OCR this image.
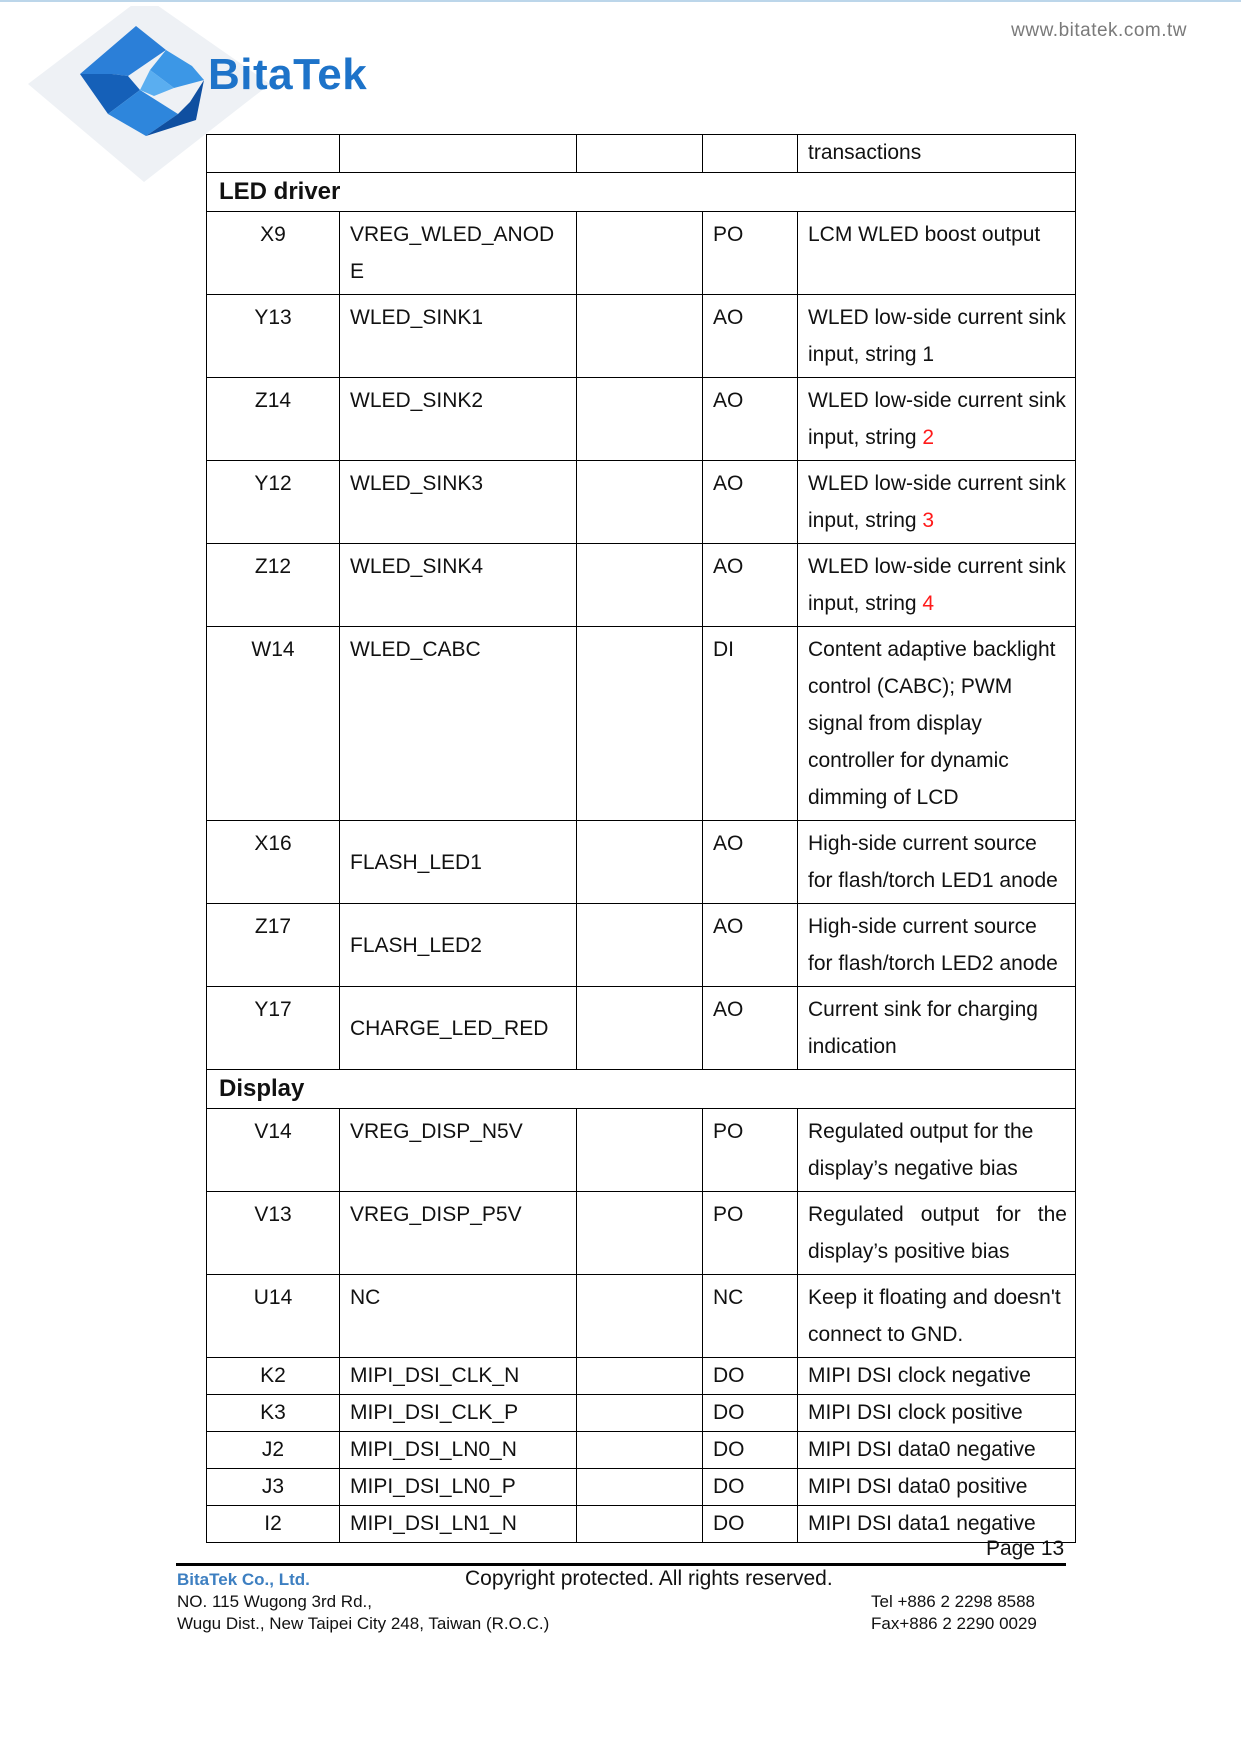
BitaTek
www.bitatek.com.tw
				transactions
LED driver				
X9	VREG_WLED_ANODE		PO	LCM WLED boost output
Y13	WLED_SINK1		AO	WLED low-side current sink input, string 1
Z14	WLED_SINK2		AO	WLED low-side current sink input, string 2
Y12	WLED_SINK3		AO	WLED low-side current sink input, string 3
Z12	WLED_SINK4		AO	WLED low-side current sink input, string 4
W14	WLED_CABC		DI	Content adaptive backlight control (CABC); PWM signal from display controller for dynamic dimming of LCD
X16	FLASH_LED1		AO	High-side current source for flash/torch LED1 anode
Z17	FLASH_LED2		AO	High-side current source for flash/torch LED2 anode
Y17	CHARGE_LED_RED		AO	Current sink for charging indication
Display				
V14	VREG_DISP_N5V		PO	Regulated output for the display’s negative bias
V13	VREG_DISP_P5V		PO	Regulated output for the display’s positive bias
U14	NC		NC	Keep it floating and doesn't connect to GND.
K2	MIPI_DSI_CLK_N		DO	MIPI DSI clock negative
K3	MIPI_DSI_CLK_P		DO	MIPI DSI clock positive
J2	MIPI_DSI_LN0_N		DO	MIPI DSI data0 negative
J3	MIPI_DSI_LN0_P		DO	MIPI DSI data0 positive
I2	MIPI_DSI_LN1_N		DO	MIPI DSI data1 negative
Page 13
BitaTek Co., Ltd.	Copyright protected. All rights reserved.
NO. 115 Wugong 3rd Rd.,
Wugu Dist., New Taipei City 248, Taiwan (R.O.C.)
Tel +886 2 2298 8588
Fax+886 2 2290 0029
